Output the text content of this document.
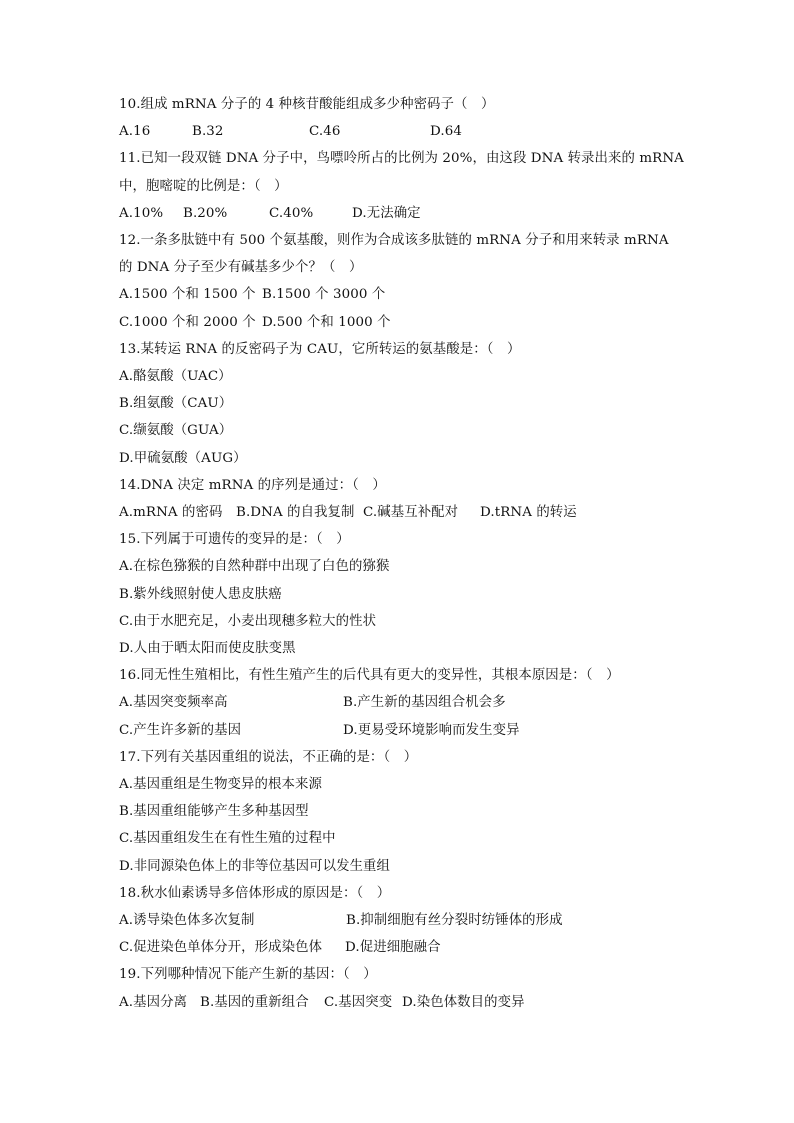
10.组成 mRNA 分子的 4 种核苷酸能组成多少种密码子（　）
A.16	B.32	C.46	D.64
11.已知一段双链 DNA 分子中，鸟嘌呤所占的比例为 20%，由这段 DNA 转录出来的 mRNA
中，胞嘧啶的比例是：（　）
A.10% B.20%	C.40%	D.无法确定
12.一条多肽链中有 500 个氨基酸，则作为合成该多肽链的 mRNA 分子和用来转录 mRNA
的 DNA 分子至少有碱基多少个？（　）
A.1500 个和 1500 个 B.1500 个 3000 个
C.1000 个和 2000 个 D.500 个和 1000 个
13.某转运 RNA 的反密码子为 CAU，它所转运的氨基酸是：（　）
A.酪氨酸（UAC）
B.组氨酸（CAU）
C.缬氨酸（GUA）
D.甲硫氨酸（AUG）
14.DNA 决定 mRNA 的序列是通过：（　）
A.mRNA 的密码 B.DNA 的自我复制 C.碱基互补配对 D.tRNA 的转运
15.下列属于可遗传的变异的是：（　）
A.在棕色猕猴的自然种群中出现了白色的猕猴
B.紫外线照射使人患皮肤癌
C.由于水肥充足，小麦出现穗多粒大的性状
D.人由于晒太阳而使皮肤变黑
16.同无性生殖相比，有性生殖产生的后代具有更大的变异性，其根本原因是：（　）
A.基因突变频率高	B.产生新的基因组合机会多
C.产生许多新的基因	D.更易受环境影响而发生变异
17.下列有关基因重组的说法，不正确的是：（　）
A.基因重组是生物变异的根本来源
B.基因重组能够产生多种基因型
C.基因重组发生在有性生殖的过程中
D.非同源染色体上的非等位基因可以发生重组
18.秋水仙素诱导多倍体形成的原因是：（　）
A.诱导染色体多次复制	B.抑制细胞有丝分裂时纺锤体的形成
C.促进染色单体分开，形成染色体 D.促进细胞融合
19.下列哪种情况下能产生新的基因：（　）
A.基因分离 B.基因的重新组合 C.基因突变 D.染色体数目的变异
